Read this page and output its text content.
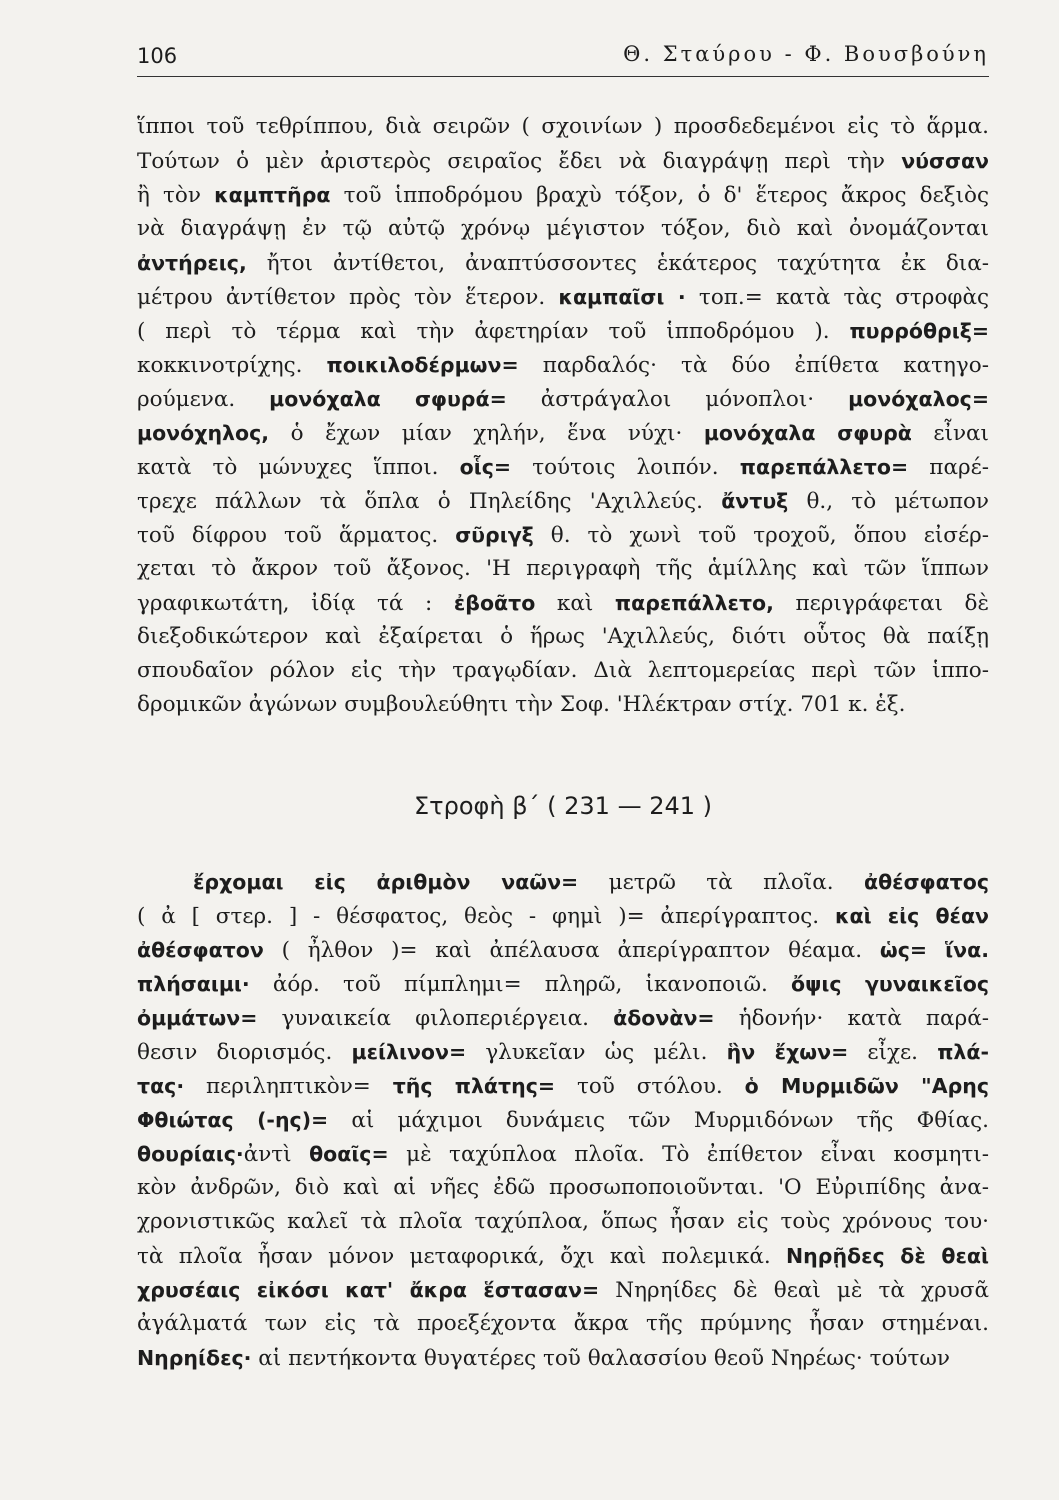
106	Θ. Σταύρου - Φ. Βουσβούνη
ἵπποι τοῦ τεθρίππου, διὰ σειρῶν ( σχοινίων ) προσδεδεμένοι εἰς τὸ ἅρμα.
Τούτων ὁ μὲν ἀριστερὸς σειραῖος ἔδει νὰ διαγράψῃ περὶ τὴν νύσσαν
ἢ τὸν καμπτῆρα τοῦ ἱπποδρόμου βραχὺ τόξον, ὁ δ' ἕτερος ἄκρος δεξιὸς
νὰ διαγράψῃ ἐν τῷ αὐτῷ χρόνῳ μέγιστον τόξον, διὸ καὶ ὀνομάζονται
ἀντήρεις, ἤτοι ἀντίθετοι, ἀναπτύσσοντες ἑκάτερος ταχύτητα ἐκ δια-
μέτρου ἀντίθετον πρὸς τὸν ἕτερον. καμπαῖσι · τοπ.= κατὰ τὰς στροφὰς
( περὶ τὸ τέρμα καὶ τὴν ἀφετηρίαν τοῦ ἱπποδρόμου ). πυρρόθριξ=
κοκκινοτρίχης. ποικιλοδέρμων= παρδαλός· τὰ δύο ἐπίθετα κατηγο-
ρούμενα. μονόχαλα σφυρά= ἀστράγαλοι μόνοπλοι· μονόχαλος=
μονόχηλος, ὁ ἔχων μίαν χηλήν, ἕνα νύχι· μονόχαλα σφυρὰ εἶναι
κατὰ τὸ μώνυχες ἵπποι. οἷς= τούτοις λοιπόν. παρεπάλλετο= παρέ-
τρεχε πάλλων τὰ ὅπλα ὁ Πηλείδης 'Αχιλλεύς. ἄντυξ θ., τὸ μέτωπον
τοῦ δίφρου τοῦ ἅρματος. σῦριγξ θ. τὸ χωνὶ τοῦ τροχοῦ, ὅπου εἰσέρ-
χεται τὸ ἄκρον τοῦ ἄξονος. 'Η περιγραφὴ τῆς ἁμίλλης καὶ τῶν ἵππων
γραφικωτάτη, ἰδίᾳ τά : ἐβοᾶτο καὶ παρεπάλλετο, περιγράφεται δὲ
διεξοδικώτερον καὶ ἐξαίρεται ὁ ἥρως 'Αχιλλεύς, διότι οὗτος θὰ παίξῃ
σπουδαῖον ρόλον εἰς τὴν τραγῳδίαν. Διὰ λεπτομερείας περὶ τῶν ἱππο-
δρομικῶν ἀγώνων συμβουλεύθητι τὴν Σοφ. 'Ηλέκτραν στίχ. 701 κ. ἑξ.
Στροφὴ β´ ( 231 — 241 )
ἔρχομαι εἰς ἀριθμὸν ναῶν= μετρῶ τὰ πλοῖα. ἀθέσφατος
( ἀ [ στερ. ] - θέσφατος, θεὸς - φημὶ )= ἀπερίγραπτος. καὶ εἰς θέαν
ἀθέσφατον ( ἦλθον )= καὶ ἀπέλαυσα ἀπερίγραπτον θέαμα. ὡς= ἵνα.
πλήσαιμι· ἀόρ. τοῦ πίμπλημι= πληρῶ, ἱκανοποιῶ. ὄψις γυναικεῖος
ὀμμάτων= γυναικεία φιλοπεριέργεια. ἀδονὰν= ἡδονήν· κατὰ παρά-
θεσιν διορισμός. μείλινον= γλυκεῖαν ὡς μέλι. ἣν ἔχων= εἶχε. πλά-
τας· περιληπτικὸν= τῆς πλάτης= τοῦ στόλου. ὁ Μυρμιδῶν "Αρης
Φθιώτας (-ης)= αἱ μάχιμοι δυνάμεις τῶν Μυρμιδόνων τῆς Φθίας.
θουρίαις·ἀντὶ θοαῖς= μὲ ταχύπλοα πλοῖα. Τὸ ἐπίθετον εἶναι κοσμητι-
κὸν ἀνδρῶν, διὸ καὶ αἱ νῆες ἐδῶ προσωποποιοῦνται. 'Ο Εὐριπίδης ἀνα-
χρονιστικῶς καλεῖ τὰ πλοῖα ταχύπλοα, ὅπως ἦσαν εἰς τοὺς χρόνους του·
τὰ πλοῖα ἦσαν μόνον μεταφορικά, ὄχι καὶ πολεμικά. Νηρῇδες δὲ θεαὶ
χρυσέαις εἰκόσι κατ' ἄκρα ἕστασαν= Νηρηίδες δὲ θεαὶ μὲ τὰ χρυσᾶ
ἀγάλματά των εἰς τὰ προεξέχοντα ἄκρα τῆς πρύμνης ἦσαν στημέναι.
Νηρηίδες· αἱ πεντήκοντα θυγατέρες τοῦ θαλασσίου θεοῦ Νηρέως· τούτων
